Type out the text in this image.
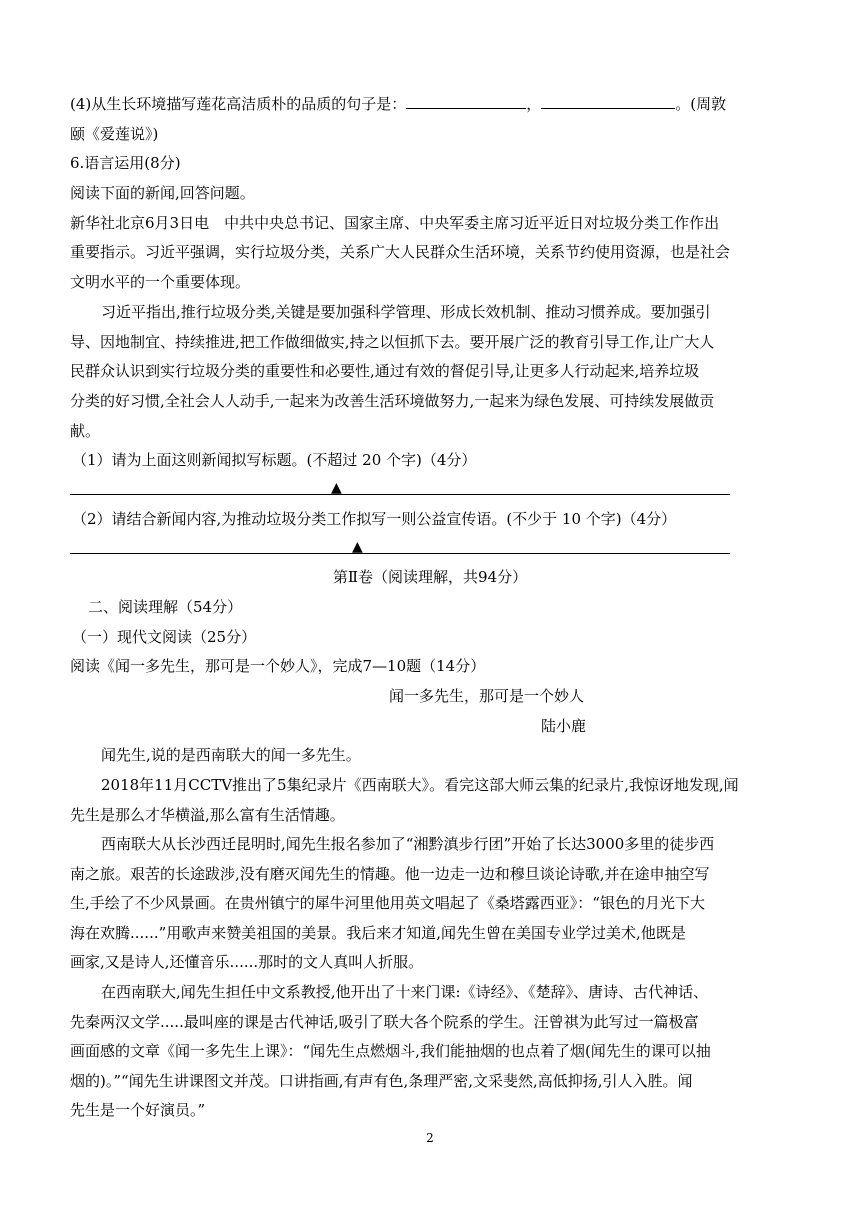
(4)从生长环境描写莲花高洁质朴的品质的句子是：	，	。(周敦
颐《爱莲说》)
6.语言运用(8分)
阅读下面的新闻,回答问题。
新华社北京6月3日电　中共中央总书记、国家主席、中央军委主席习近平近日对垃圾分类工作作出
重要指示。习近平强调，实行垃圾分类，关系广大人民群众生活环境，关系节约使用资源，也是社会
文明水平的一个重要体现。
习近平指出,推行垃圾分类,关键是要加强科学管理、形成长效机制、推动习惯养成。要加强引
导、因地制宜、持续推进,把工作做细做实,持之以恒抓下去。要开展广泛的教育引导工作,让广大人
民群众认识到实行垃圾分类的重要性和必要性,通过有效的督促引导,让更多人行动起来,培养垃圾
分类的好习惯,全社会人人动手,一起来为改善生活环境做努力,一起来为绿色发展、可持续发展做贡
献。
（1）请为上面这则新闻拟写标题。(不超过 20 个字)（4分）
▲
（2）请结合新闻内容,为推动垃圾分类工作拟写一则公益宣传语。(不少于 10 个字)（4分）
▲
第Ⅱ卷（阅读理解，共94分）
二、阅读理解（54分）
（一）现代文阅读（25分）
阅读《闻一多先生，那可是一个妙人》，完成7—10题（14分）
闻一多先生，那可是一个妙人
陆小鹿
闻先生,说的是西南联大的闻一多先生。
2018年11月CCTV推出了5集纪录片《西南联大》。看完这部大师云集的纪录片,我惊讶地发现,闻
先生是那么才华横溢,那么富有生活情趣。
西南联大从长沙西迁昆明时,闻先生报名参加了“湘黔滇步行团”开始了长达3000多里的徒步西
南之旅。艰苦的长途跋涉,没有磨灭闻先生的情趣。他一边走一边和穆旦谈论诗歌,并在途申抽空写
生,手绘了不少风景画。在贵州镇宁的犀牛河里他用英文唱起了《桑塔露西亚》：“银色的月光下大
海在欢腾......”用歌声来赞美祖国的美景。我后来才知道,闻先生曾在美国专业学过美术,他既是
画家,又是诗人,还懂音乐......那时的文人真叫人折服。
在西南联大,闻先生担任中文系教授,他开出了十来门课:《诗经》、《楚辞》、唐诗、古代神话、
先秦两汉文学.....最叫座的课是古代神话,吸引了联大各个院系的学生。汪曾祺为此写过一篇极富
画面感的文章《闻一多先生上课》：“闻先生点燃烟斗,我们能抽烟的也点着了烟(闻先生的课可以抽
烟的)。”“闻先生讲课图文并茂。口讲指画,有声有色,条理严密,文采斐然,高低抑扬,引人入胜。闻
先生是一个好演员。”
2
